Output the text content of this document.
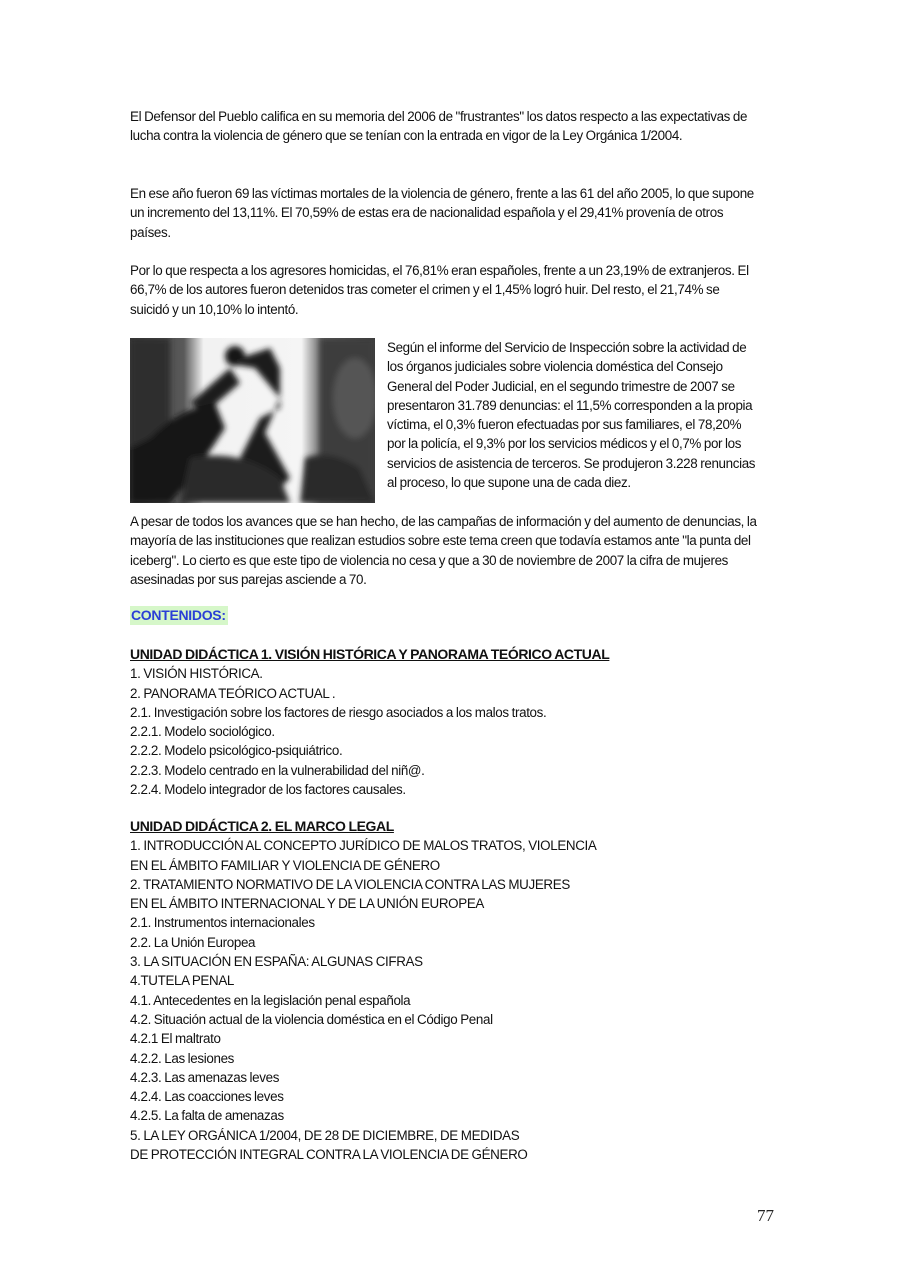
El Defensor del Pueblo califica en su memoria del 2006 de "frustrantes" los datos respecto a las expectativas de lucha contra la violencia de género que se tenían con la entrada en vigor de la Ley Orgánica 1/2004.

En ese año fueron 69 las víctimas mortales de la violencia de género, frente a las 61 del año 2005, lo que supone un incremento del 13,11%. El 70,59% de estas era de nacionalidad española y el 29,41% provenía de otros países.

Por lo que respecta a los agresores homicidas, el 76,81% eran españoles, frente a un 23,19% de extranjeros. El 66,7% de los autores fueron detenidos tras cometer el crimen y el 1,45% logró huir. Del resto, el 21,74% se suicidó y un 10,10% lo intentó.

Según el informe del Servicio de Inspección sobre la actividad de los órganos judiciales sobre violencia doméstica del Consejo General del Poder Judicial, en el segundo trimestre de 2007 se presentaron 31.789 denuncias: el 11,5% corresponden a la propia víctima, el 0,3% fueron efectuadas por sus familiares, el 78,20% por la policía, el 9,3% por los servicios médicos y el 0,7% por los servicios de asistencia de terceros. Se produjeron 3.228 renuncias al proceso, lo que supone una de cada diez.

A pesar de todos los avances que se han hecho, de las campañas de información y del aumento de denuncias, la mayoría de las instituciones que realizan estudios sobre este tema creen que todavía estamos ante "la punta del iceberg". Lo cierto es que este tipo de violencia no cesa y que a 30 de noviembre de 2007 la cifra de mujeres asesinadas por sus parejas asciende a 70.

CONTENIDOS:

UNIDAD DIDÁCTICA 1. VISIÓN HISTÓRICA Y PANORAMA TEÓRICO ACTUAL

1. VISIÓN HISTÓRICA.
2. PANORAMA TEÓRICO ACTUAL .
2.1. Investigación sobre los factores de riesgo asociados a los malos tratos.
2.2.1. Modelo sociológico.
2.2.2. Modelo psicológico-psiquiátrico.
2.2.3. Modelo centrado en la vulnerabilidad del niñ@.
2.2.4. Modelo integrador de los factores causales.

UNIDAD DIDÁCTICA 2. EL MARCO LEGAL

1. INTRODUCCIÓN AL CONCEPTO JURÍDICO DE MALOS TRATOS, VIOLENCIA
EN EL ÁMBITO FAMILIAR Y VIOLENCIA DE GÉNERO
2. TRATAMIENTO NORMATIVO DE LA VIOLENCIA CONTRA LAS MUJERES
EN EL ÁMBITO INTERNACIONAL Y DE LA UNIÓN EUROPEA
2.1. Instrumentos internacionales
2.2. La Unión Europea
3. LA SITUACIÓN EN ESPAÑA: ALGUNAS CIFRAS
4.TUTELA PENAL
4.1. Antecedentes en la legislación penal española
4.2. Situación actual de la violencia doméstica en el Código Penal
4.2.1 El maltrato
4.2.2. Las lesiones
4.2.3. Las amenazas leves
4.2.4. Las coacciones leves
4.2.5. La falta de amenazas
5. LA LEY ORGÁNICA 1/2004, DE 28 DE DICIEMBRE, DE MEDIDAS
DE PROTECCIÓN INTEGRAL CONTRA LA VIOLENCIA DE GÉNERO
77
